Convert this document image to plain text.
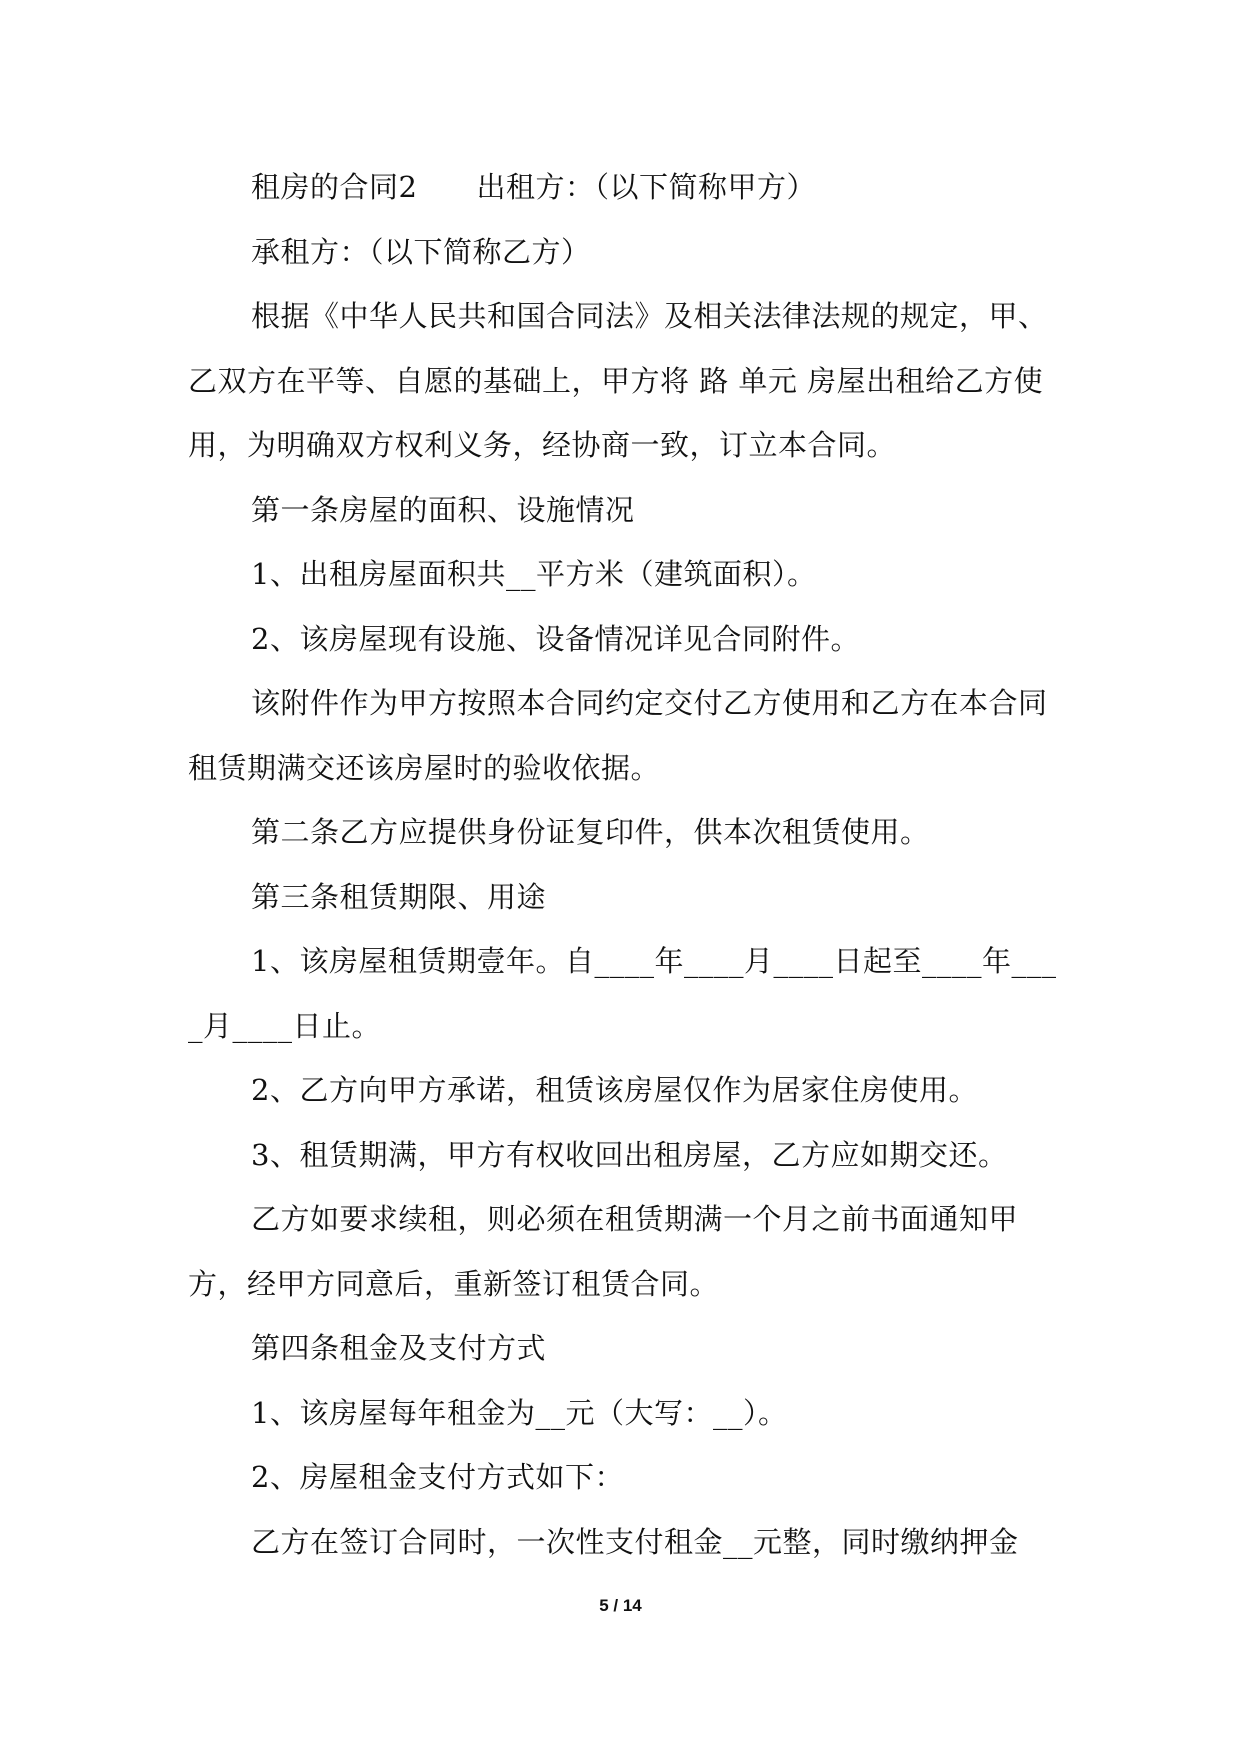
租房的合同2　　出租方：（以下简称甲方）

承租方：（以下简称乙方）

根据《中华人民共和国合同法》及相关法律法规的规定，甲、乙双方在平等、自愿的基础上，甲方将 路 单元 房屋出租给乙方使用，为明确双方权利义务，经协商一致，订立本合同。

第一条房屋的面积、设施情况

1、出租房屋面积共__平方米（建筑面积）。

2、该房屋现有设施、设备情况详见合同附件。

该附件作为甲方按照本合同约定交付乙方使用和乙方在本合同租赁期满交还该房屋时的验收依据。

第二条乙方应提供身份证复印件，供本次租赁使用。

第三条租赁期限、用途

1、该房屋租赁期壹年。自____年____月____日起至____年____月____日止。

2、乙方向甲方承诺，租赁该房屋仅作为居家住房使用。

3、租赁期满，甲方有权收回出租房屋，乙方应如期交还。

乙方如要求续租，则必须在租赁期满一个月之前书面通知甲方，经甲方同意后，重新签订租赁合同。

第四条租金及支付方式

1、该房屋每年租金为__元（大写：__）。

2、房屋租金支付方式如下：

乙方在签订合同时，一次性支付租金__元整，同时缴纳押金

5 / 14
